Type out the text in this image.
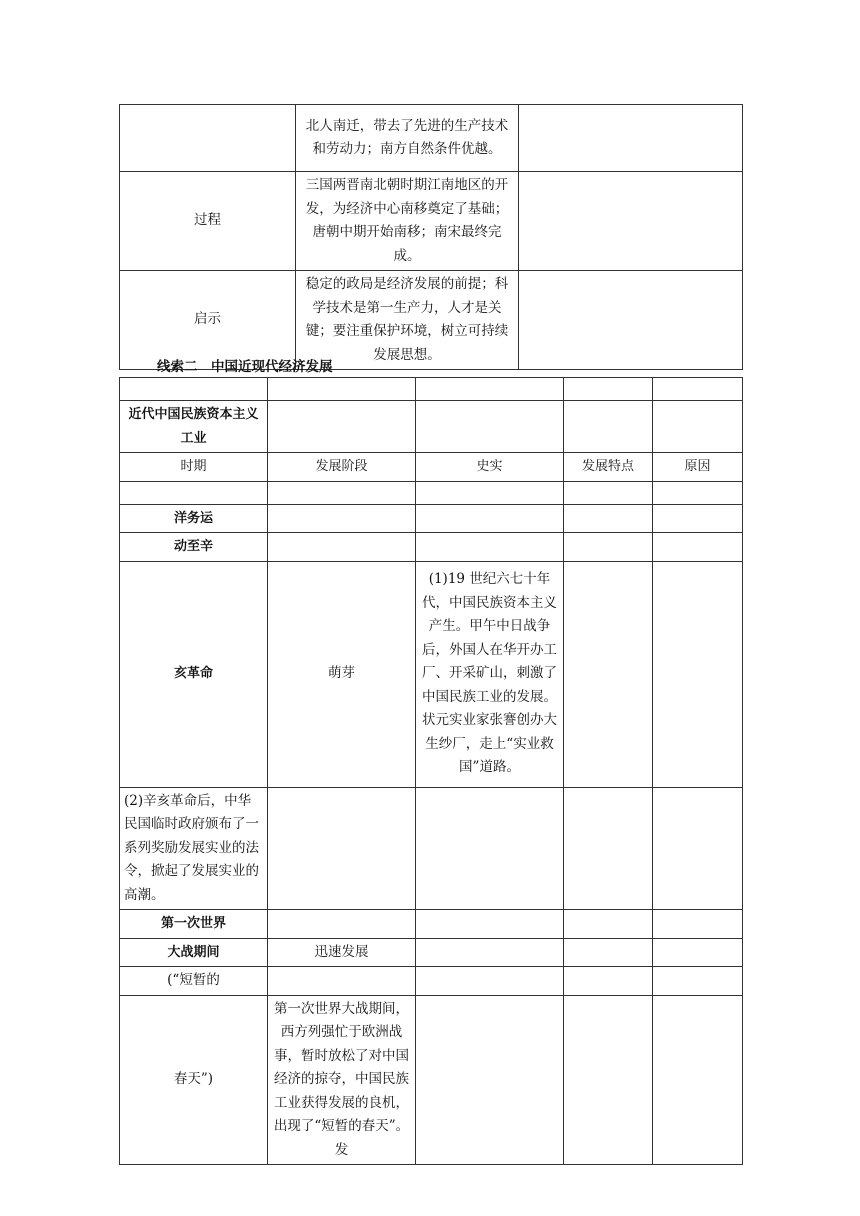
	北人南迁，带去了先进的生产技术和劳动力；南方自然条件优越。	
过程	三国两晋南北朝时期江南地区的开发，为经济中心南移奠定了基础；唐朝中期开始南移；南宋最终完成。	
启示	稳定的政局是经济发展的前提；科学技术是第一生产力，人才是关键；要注重保护环境，树立可持续发展思想。	
线索二　中国近现代经济发展

近代中国民族资本主义工业				
时期	发展阶段	史实	发展特点	原因

洋务运				
动至辛				
亥革命	萌芽	(1)19 世纪六七十年代，中国民族资本主义产生。甲午中日战争后，外国人在华开办工厂、开采矿山，刺激了中国民族工业的发展。状元实业家张謇创办大生纱厂，走上“实业救国”道路。		
(2)辛亥革命后，中华民国临时政府颁布了一系列奖励发展实业的法令，掀起了发展实业的高潮。				
第一次世界				
大战期间	迅速发展			
(“短暂的				
春天”)	第一次世界大战期间，西方列强忙于欧洲战事，暂时放松了对中国经济的掠夺，中国民族工业获得发展的良机，出现了“短暂的春天”。发			
